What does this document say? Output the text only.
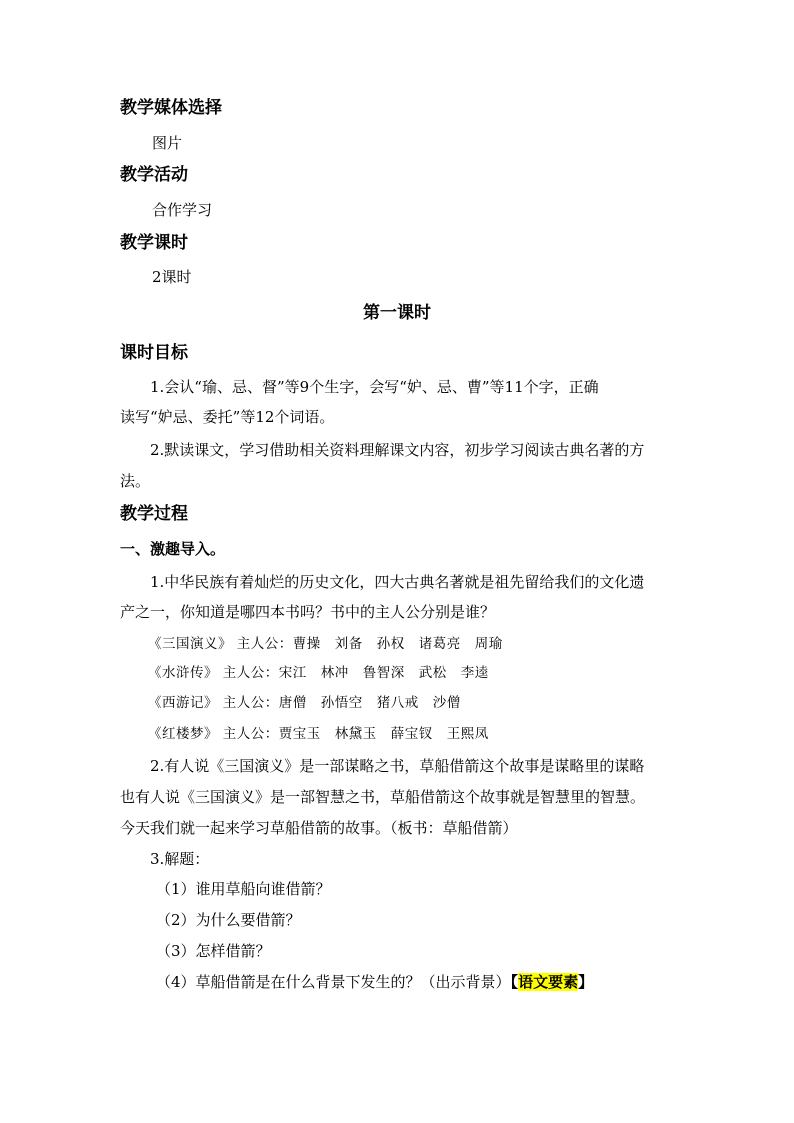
教学媒体选择
图片
教学活动
合作学习
教学课时
2课时
第一课时
课时目标
1.会认“瑜、忌、督”等9个生字，会写“妒、忌、曹”等11个字，正确
读写“妒忌、委托”等12个词语。
2.默读课文，学习借助相关资料理解课文内容，初步学习阅读古典名著的方
法。
教学过程
一、激趣导入。
1.中华民族有着灿烂的历史文化，四大古典名著就是祖先留给我们的文化遗
产之一，你知道是哪四本书吗？书中的主人公分别是谁？
《三国演义》 主人公：曹操　刘备　孙权　诸葛亮　周瑜
《水浒传》 主人公：宋江　林冲　鲁智深　武松　李逵
《西游记》 主人公：唐僧　孙悟空　猪八戒　沙僧
《红楼梦》 主人公：贾宝玉　林黛玉　薛宝钗　王熙凤
2.有人说《三国演义》是一部谋略之书，草船借箭这个故事是谋略里的谋略
也有人说《三国演义》是一部智慧之书，草船借箭这个故事就是智慧里的智慧。
今天我们就一起来学习草船借箭的故事。（板书：草船借箭）
3.解题：
（1）谁用草船向谁借箭？
（2）为什么要借箭？
（3）怎样借箭？
（4）草船借箭是在什么背景下发生的？（出示背景）【语文要素】
